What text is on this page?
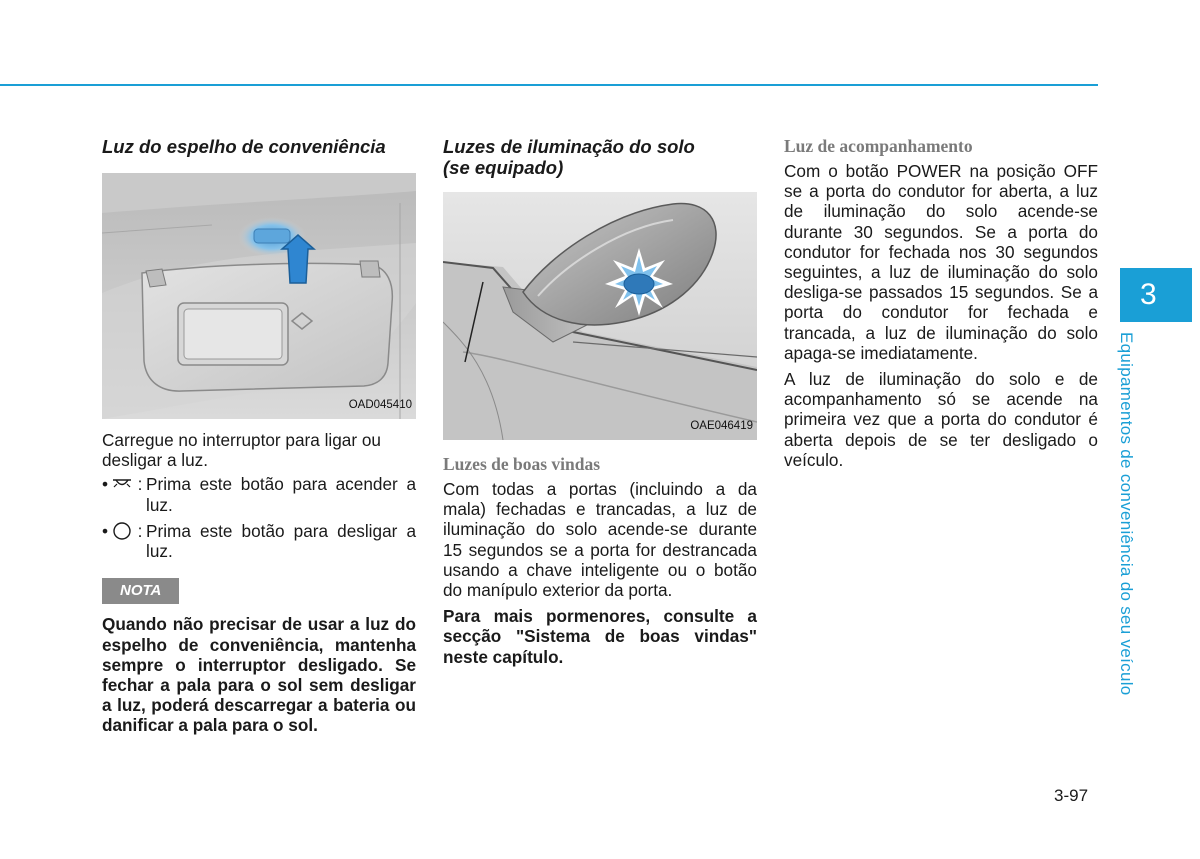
Luz do espelho de conveniência
OAD045410

Carregue no interruptor para ligar ou desligar a luz.

• : Prima este botão para acender a luz.
• : Prima este botão para desligar a luz.
NOTA

Quando não precisar de usar a luz do espelho de conveniência, mantenha sempre o interruptor desligado. Se fechar a pala para o sol sem desligar a luz, poderá descarregar a bateria ou danificar a pala para o sol.

Luzes de iluminação do solo
(se equipado)
OAE046419
Luzes de boas vindas

Com todas a portas (incluindo a da mala) fechadas e trancadas, a luz de iluminação do solo acende-se durante 15 segundos se a porta for destrancada usando a chave inteligente ou o botão do manípulo exterior da porta.

Para mais pormenores, consulte a secção "Sistema de boas vindas" neste capítulo.

Luz de acompanhamento

Com o botão POWER na posição OFF se a porta do condutor for aberta, a luz de iluminação do solo acende-se durante 30 segundos. Se a porta do condutor for fechada nos 30 segundos seguintes, a luz de iluminação do solo desliga-se passados 15 segundos. Se a porta do condutor for fechada e trancada, a luz de iluminação do solo apaga-se imediatamente.

A luz de iluminação do solo e de acompanhamento só se acende na primeira vez que a porta do condutor é aberta depois de se ter desligado o veículo.

3
Equipamentos de conveniência do seu veículo
3-97
